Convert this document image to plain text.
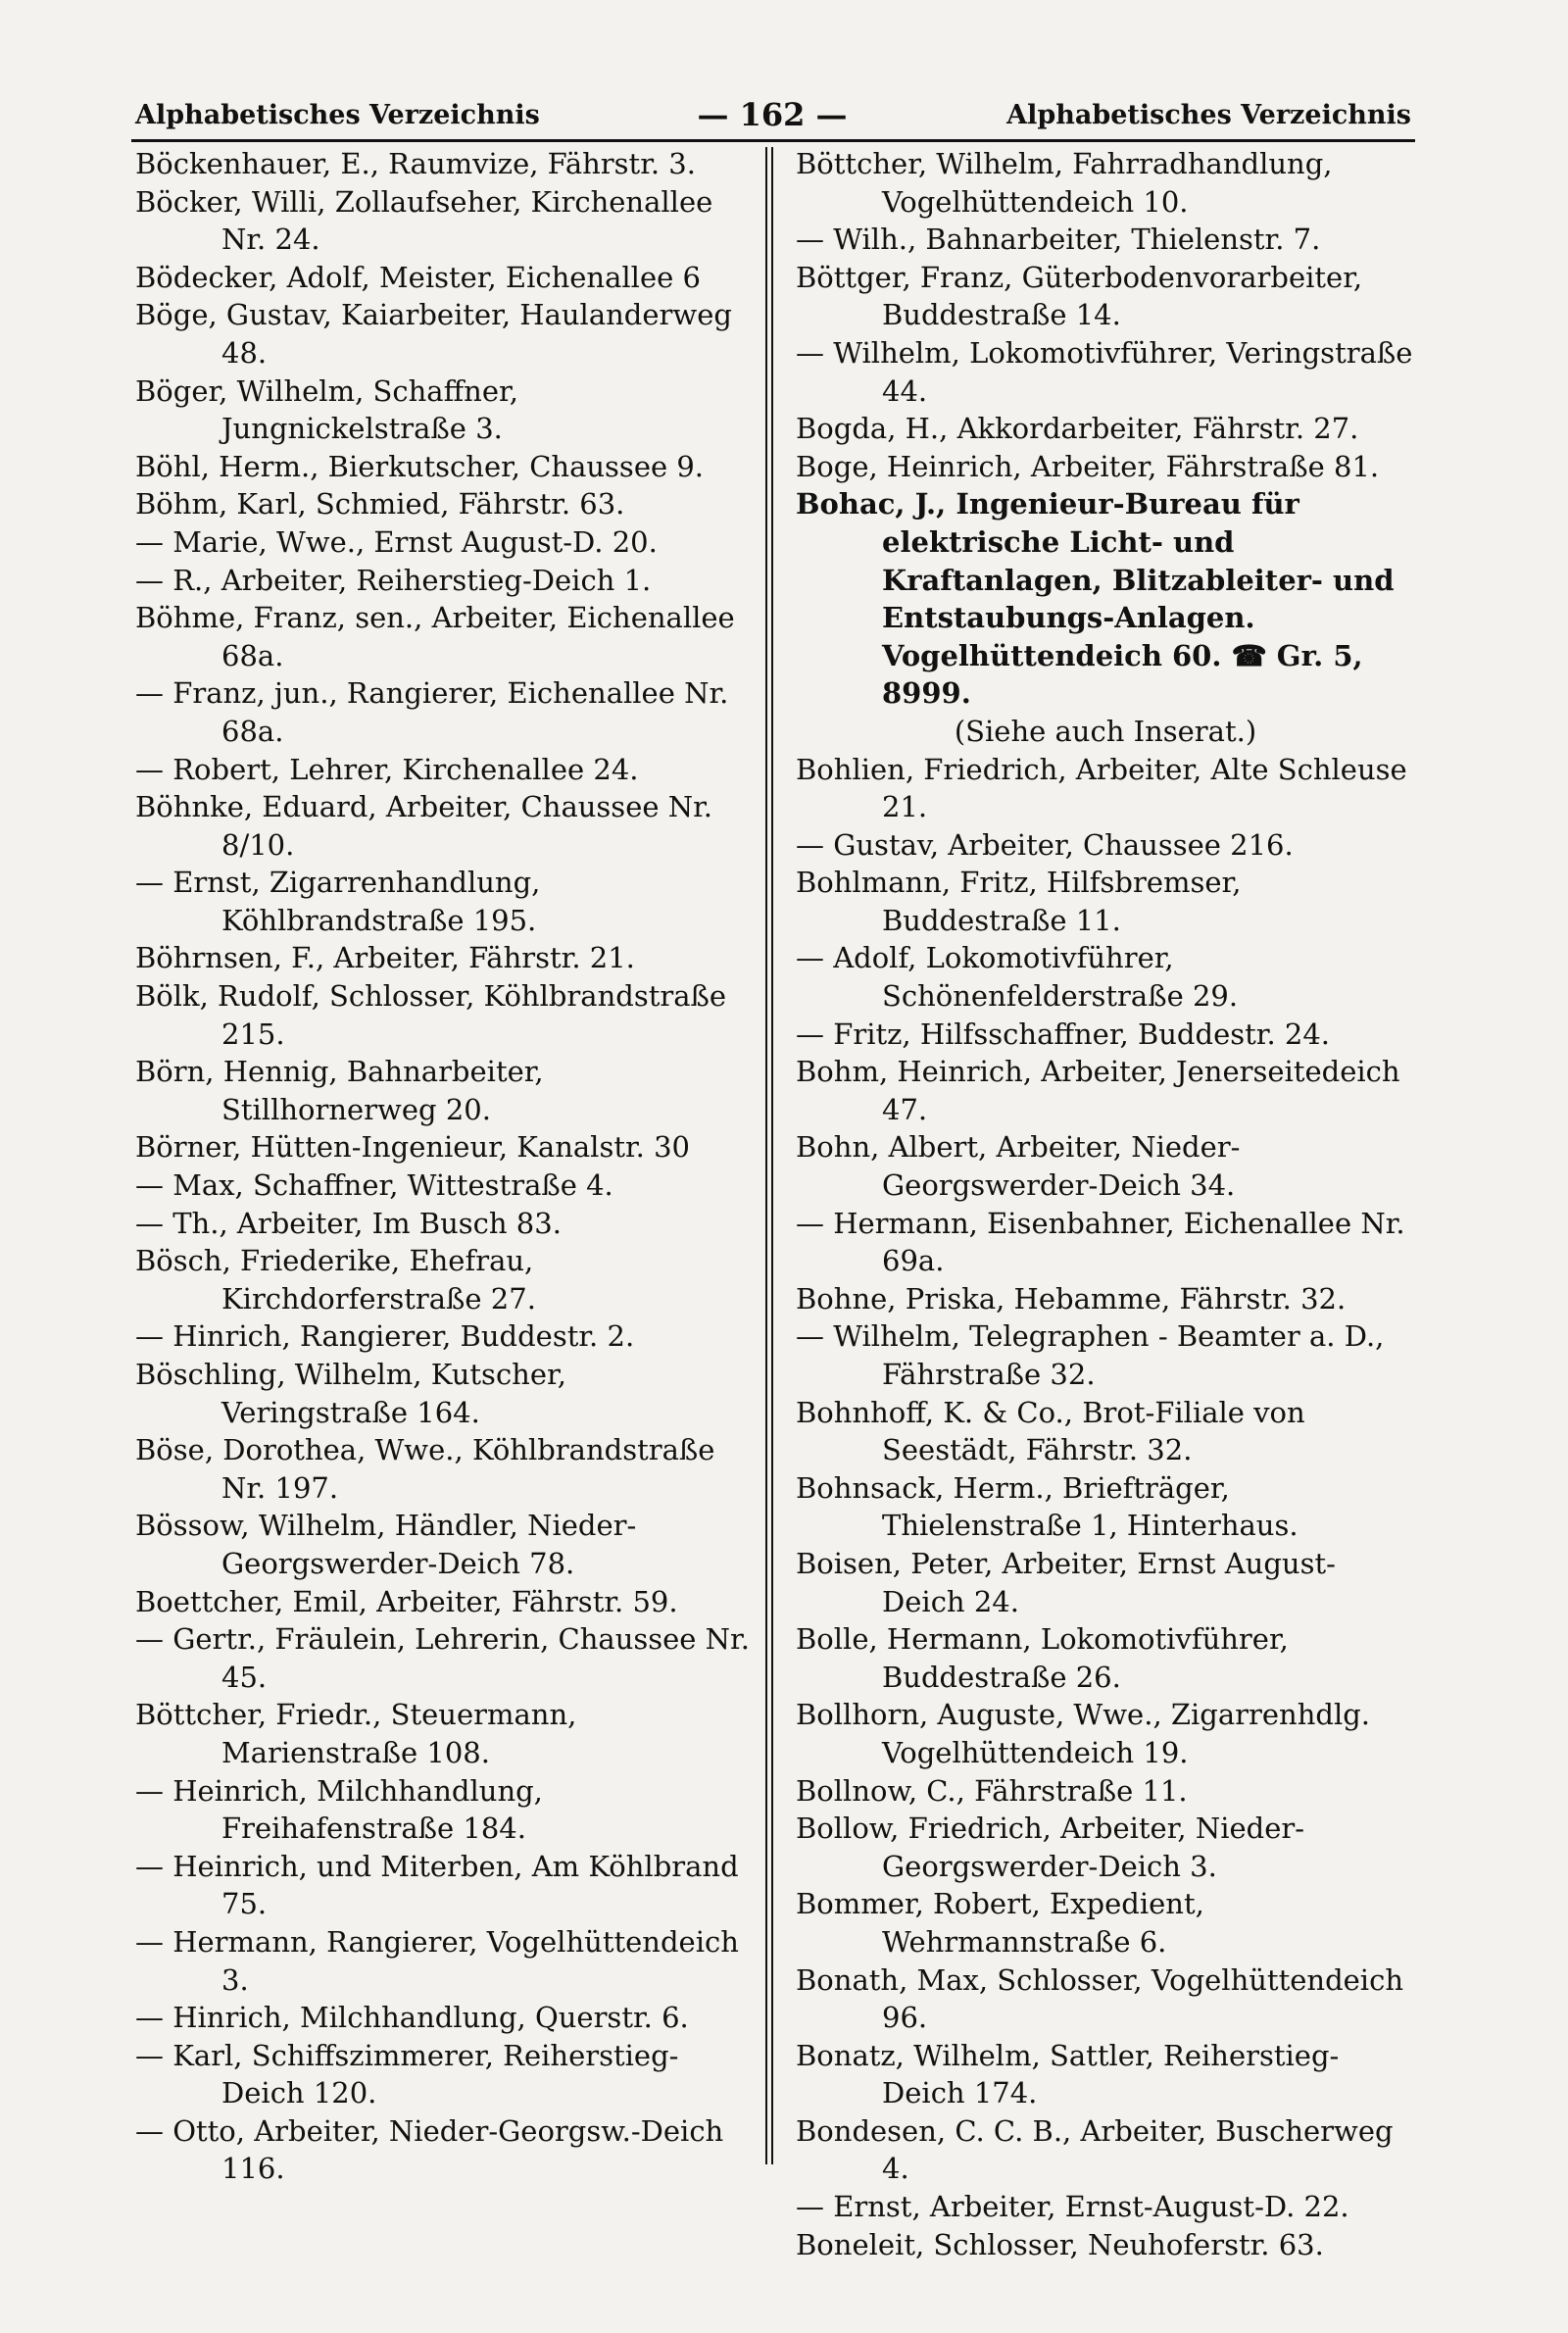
Alphabetisches Verzeichnis	— 162 —	Alphabetisches Verzeichnis

Böckenhauer, E., Raumvize, Fährstr. 3.

Böcker, Willi, Zollaufseher, Kirchenallee Nr. 24.

Bödecker, Adolf, Meister, Eichenallee 6

Böge, Gustav, Kaiarbeiter, Haulanderweg 48.

Böger, Wilhelm, Schaffner, Jungnickelstraße 3.

Böhl, Herm., Bierkutscher, Chaussee 9.

Böhm, Karl, Schmied, Fährstr. 63.

— Marie, Wwe., Ernst August-D. 20.

— R., Arbeiter, Reiherstieg-Deich 1.

Böhme, Franz, sen., Arbeiter, Eichenallee 68a.

— Franz, jun., Rangierer, Eichenallee Nr. 68a.

— Robert, Lehrer, Kirchenallee 24.

Böhnke, Eduard, Arbeiter, Chaussee Nr. 8/10.

— Ernst, Zigarrenhandlung, Köhlbrandstraße 195.

Böhrnsen, F., Arbeiter, Fährstr. 21.

Bölk, Rudolf, Schlosser, Köhlbrandstraße 215.

Börn, Hennig, Bahnarbeiter, Stillhornerweg 20.

Börner, Hütten-Ingenieur, Kanalstr. 30

— Max, Schaffner, Wittestraße 4.

— Th., Arbeiter, Im Busch 83.

Bösch, Friederike, Ehefrau, Kirchdorferstraße 27.

— Hinrich, Rangierer, Buddestr. 2.

Böschling, Wilhelm, Kutscher, Veringstraße 164.

Böse, Dorothea, Wwe., Köhlbrandstraße Nr. 197.

Bössow, Wilhelm, Händler, Nieder-Georgswerder-Deich 78.

Boettcher, Emil, Arbeiter, Fährstr. 59.

— Gertr., Fräulein, Lehrerin, Chaussee Nr. 45.

Böttcher, Friedr., Steuermann, Marienstraße 108.

— Heinrich, Milchhandlung, Freihafenstraße 184.

— Heinrich, und Miterben, Am Köhlbrand 75.

— Hermann, Rangierer, Vogelhüttendeich 3.

— Hinrich, Milchhandlung, Querstr. 6.

— Karl, Schiffszimmerer, Reiherstieg-Deich 120.

— Otto, Arbeiter, Nieder-Georgsw.-Deich 116.

Böttcher, Wilhelm, Fahrradhandlung, Vogelhüttendeich 10.

— Wilh., Bahnarbeiter, Thielenstr. 7.

Böttger, Franz, Güterbodenvorarbeiter, Buddestraße 14.

— Wilhelm, Lokomotivführer, Veringstraße 44.

Bogda, H., Akkordarbeiter, Fährstr. 27.

Boge, Heinrich, Arbeiter, Fährstraße 81.

Bohac, J., Ingenieur-Bureau für elektrische Licht- und Kraftanlagen, Blitzableiter- und Entstaubungs-Anlagen. Vogelhüttendeich 60. ☎ Gr. 5, 8999.

(Siehe auch Inserat.)

Bohlien, Friedrich, Arbeiter, Alte Schleuse 21.

— Gustav, Arbeiter, Chaussee 216.

Bohlmann, Fritz, Hilfsbremser, Buddestraße 11.

— Adolf, Lokomotivführer, Schönenfelderstraße 29.

— Fritz, Hilfsschaffner, Buddestr. 24.

Bohm, Heinrich, Arbeiter, Jenerseitedeich 47.

Bohn, Albert, Arbeiter, Nieder-Georgswerder-Deich 34.

— Hermann, Eisenbahner, Eichenallee Nr. 69a.

Bohne, Priska, Hebamme, Fährstr. 32.

— Wilhelm, Telegraphen - Beamter a. D., Fährstraße 32.

Bohnhoff, K. & Co., Brot-Filiale von Seestädt, Fährstr. 32.

Bohnsack, Herm., Briefträger, Thielenstraße 1, Hinterhaus.

Boisen, Peter, Arbeiter, Ernst August-Deich 24.

Bolle, Hermann, Lokomotivführer, Buddestraße 26.

Bollhorn, Auguste, Wwe., Zigarrenhdlg. Vogelhüttendeich 19.

Bollnow, C., Fährstraße 11.

Bollow, Friedrich, Arbeiter, Nieder-Georgswerder-Deich 3.

Bommer, Robert, Expedient, Wehrmannstraße 6.

Bonath, Max, Schlosser, Vogelhüttendeich 96.

Bonatz, Wilhelm, Sattler, Reiherstieg-Deich 174.

Bondesen, C. C. B., Arbeiter, Buscherweg 4.

— Ernst, Arbeiter, Ernst-August-D. 22.

Boneleit, Schlosser, Neuhoferstr. 63.
